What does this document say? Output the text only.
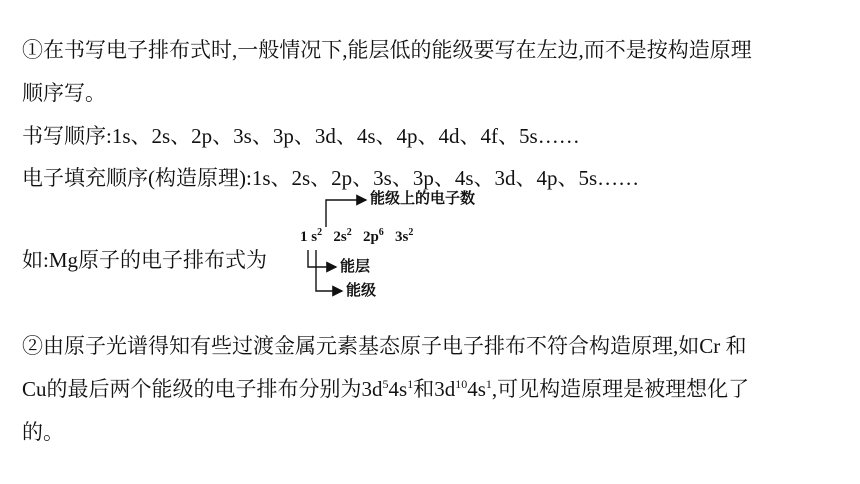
①在书写电子排布式时,一般情况下,能层低的能级要写在左边,而不是按构造原理
顺序写。
书写顺序:1s、2s、2p、3s、3p、3d、4s、4p、4d、4f、5s……
电子填充顺序(构造原理):1s、2s、2p、3s、3p、4s、3d、4p、5s……
如:Mg原子的电子排布式为
能级上的电子数
1 $s^2$ $2s^2$ $2p^6$ $3s^2$
能层
能级
②由原子光谱得知有些过渡金属元素基态原子电子排布不符合构造原理,如Cr 和
Cu的最后两个能级的电子排布分别为$3d^54s^1$和$3d^{10}4s^1$,可见构造原理是被理想化了
的。
